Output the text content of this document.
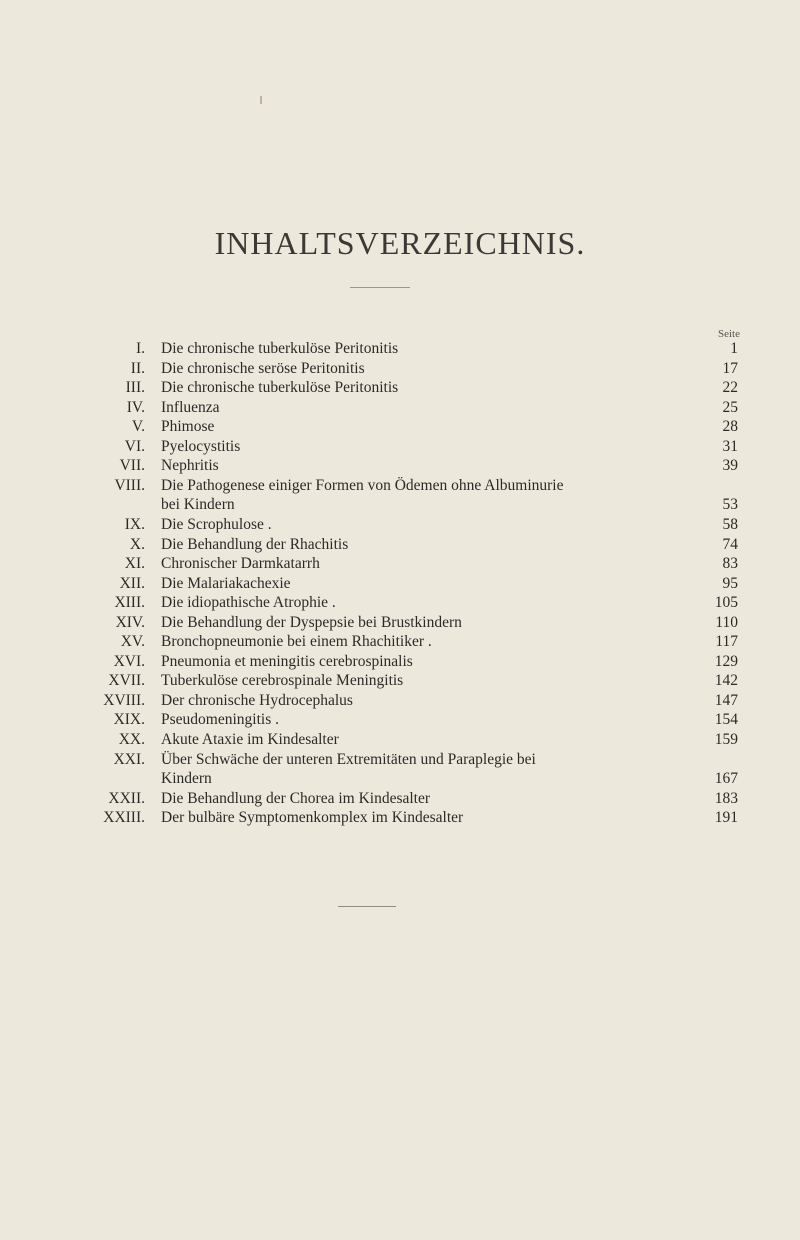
INHALTSVERZEICHNIS.
Seite
I. Die chronische tuberkulöse Peritonitis	1
II. Die chronische seröse Peritonitis	17
III. Die chronische tuberkulöse Peritonitis	22
IV. Influenza	25
V. Phimose	28
VI. Pyelocystitis	31
VII. Nephritis	39
VIII. Die Pathogenese einiger Formen von Ödemen ohne Albuminurie
bei Kindern	53
IX. Die Scrophulose .	58
X. Die Behandlung der Rhachitis	74
XI. Chronischer Darmkatarrh	83
XII. Die Malariakachexie	95
XIII. Die idiopathische Atrophie .	105
XIV. Die Behandlung der Dyspepsie bei Brustkindern	110
XV. Bronchopneumonie bei einem Rhachitiker .	117
XVI. Pneumonia et meningitis cerebrospinalis	129
XVII. Tuberkulöse cerebrospinale Meningitis	142
XVIII. Der chronische Hydrocephalus	147
XIX. Pseudomeningitis .	154
XX. Akute Ataxie im Kindesalter	159
XXI. Über Schwäche der unteren Extremitäten und Paraplegie bei
Kindern	167
XXII. Die Behandlung der Chorea im Kindesalter	183
XXIII. Der bulbäre Symptomenkomplex im Kindesalter	191
